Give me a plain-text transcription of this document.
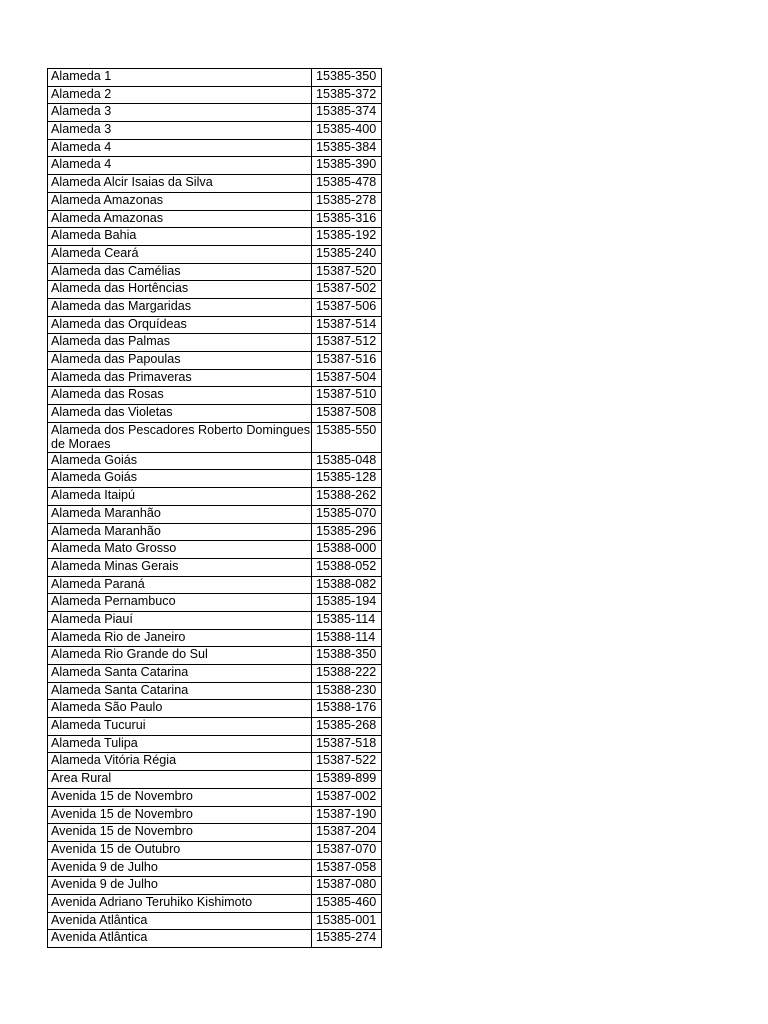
Alameda 1	15385-350
Alameda 2	15385-372
Alameda 3	15385-374
Alameda 3	15385-400
Alameda 4	15385-384
Alameda 4	15385-390
Alameda Alcir Isaias da Silva	15385-478
Alameda Amazonas	15385-278
Alameda Amazonas	15385-316
Alameda Bahia	15385-192
Alameda Ceará	15385-240
Alameda das Camélias	15387-520
Alameda das Hortências	15387-502
Alameda das Margaridas	15387-506
Alameda das Orquídeas	15387-514
Alameda das Palmas	15387-512
Alameda das Papoulas	15387-516
Alameda das Primaveras	15387-504
Alameda das Rosas	15387-510
Alameda das Violetas	15387-508
Alameda dos Pescadores Roberto Domingues de Moraes	15385-550
Alameda Goiás	15385-048
Alameda Goiás	15385-128
Alameda Itaipú	15388-262
Alameda Maranhão	15385-070
Alameda Maranhão	15385-296
Alameda Mato Grosso	15388-000
Alameda Minas Gerais	15388-052
Alameda Paraná	15388-082
Alameda Pernambuco	15385-194
Alameda Piauí	15385-114
Alameda Rio de Janeiro	15388-114
Alameda Rio Grande do Sul	15388-350
Alameda Santa Catarina	15388-222
Alameda Santa Catarina	15388-230
Alameda São Paulo	15388-176
Alameda Tucurui	15385-268
Alameda Tulipa	15387-518
Alameda Vitória Régia	15387-522
Area Rural	15389-899
Avenida 15 de Novembro	15387-002
Avenida 15 de Novembro	15387-190
Avenida 15 de Novembro	15387-204
Avenida 15 de Outubro	15387-070
Avenida 9 de Julho	15387-058
Avenida 9 de Julho	15387-080
Avenida Adriano Teruhiko Kishimoto	15385-460
Avenida Atlântica	15385-001
Avenida Atlântica	15385-274
